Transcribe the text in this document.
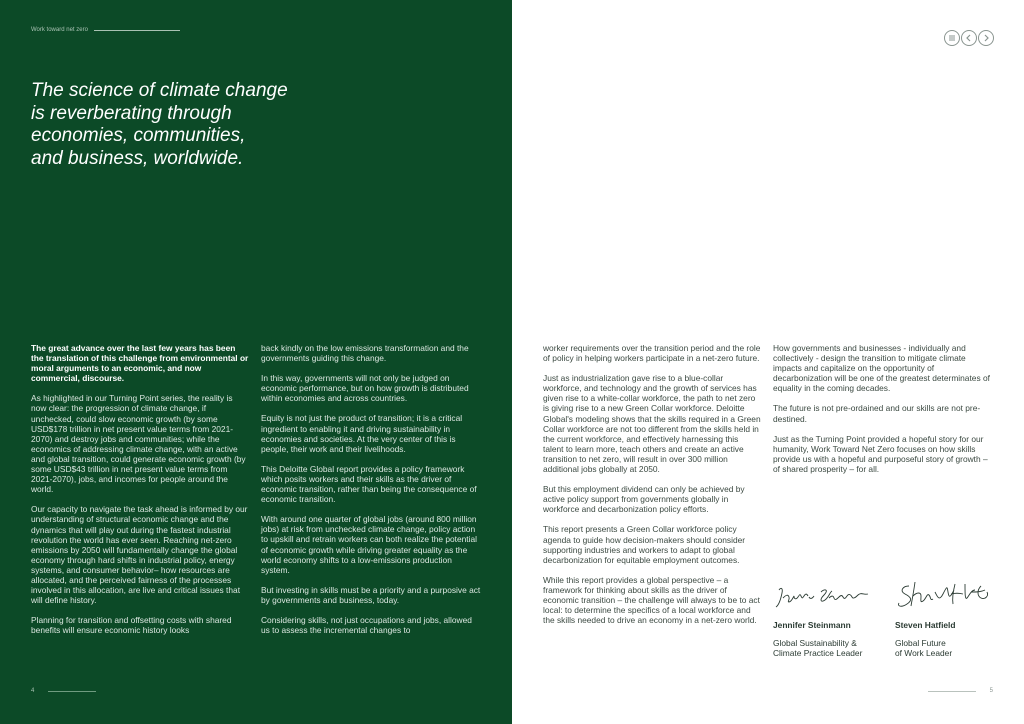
Work toward net zero
The science of climate change
is reverberating through
economies, communities,
and business, worldwide.

The great advance over the last few years has been the translation of this challenge from environmental or moral arguments to an economic, and now commercial, discourse.

As highlighted in our Turning Point series, the reality is now clear: the progression of climate change, if unchecked, could slow economic growth (by some USD$178 trillion in net present value terms from 2021-2070) and destroy jobs and communities; while the economics of addressing climate change, with an active and global transition, could generate economic growth (by some USD$43 trillion in net present value terms from 2021-2070), jobs, and incomes for people around the world.

Our capacity to navigate the task ahead is informed by our understanding of structural economic change and the dynamics that will play out during the fastest industrial revolution the world has ever seen. Reaching net-zero emissions by 2050 will fundamentally change the global economy through hard shifts in industrial policy, energy systems, and consumer behavior– how resources are allocated, and the perceived fairness of the processes involved in this allocation, are live and critical issues that will define history.

Planning for transition and offsetting costs with shared benefits will ensure economic history looks

back kindly on the low emissions transformation and the governments guiding this change.

In this way, governments will not only be judged on economic performance, but on how growth is distributed within economies and across countries.

Equity is not just the product of transition; it is a critical ingredient to enabling it and driving sustainability in economies and societies. At the very center of this is people, their work and their livelihoods.

This Deloitte Global report provides a policy framework which posits workers and their skills as the driver of economic transition, rather than being the consequence of economic transition.

With around one quarter of global jobs (around 800 million jobs) at risk from unchecked climate change, policy action to upskill and retrain workers can both realize the potential of economic growth while driving greater equality as the world economy shifts to a low-emissions production system.

But investing in skills must be a priority and a purposive act by governments and business, today.

Considering skills, not just occupations and jobs, allowed us to assess the incremental changes to

4

worker requirements over the transition period and the role of policy in helping workers participate in a net-zero future.

Just as industrialization gave rise to a blue-collar workforce, and technology and the growth of services has given rise to a white-collar workforce, the path to net zero is giving rise to a new Green Collar workforce. Deloitte Global's modeling shows that the skills required in a Green Collar workforce are not too different from the skills held in the current workforce, and effectively harnessing this talent to learn more, teach others and create an active transition to net zero, will result in over 300 million additional jobs globally at 2050.

But this employment dividend can only be achieved by active policy support from governments globally in workforce and decarbonization policy efforts.

This report presents a Green Collar workforce policy agenda to guide how decision-makers should consider supporting industries and workers to adapt to global decarbonization for equitable employment outcomes.

While this report provides a global perspective – a framework for thinking about skills as the driver of economic transition – the challenge will always to be to act local: to determine the specifics of a local workforce and the skills needed to drive an economy in a net-zero world.

How governments and businesses - individually and collectively - design the transition to mitigate climate impacts and capitalize on the opportunity of decarbonization will be one of the greatest determinates of equality in the coming decades.

The future is not pre-ordained and our skills are not pre-destined.

Just as the Turning Point provided a hopeful story for our humanity, Work Toward Net Zero focuses on how skills provide us with a hopeful and purposeful story of growth – of shared prosperity – for all.

Jennifer Steinmann
Global Sustainability &
Climate Practice Leader
Steven Hatfield
Global Future
of Work Leader
5
